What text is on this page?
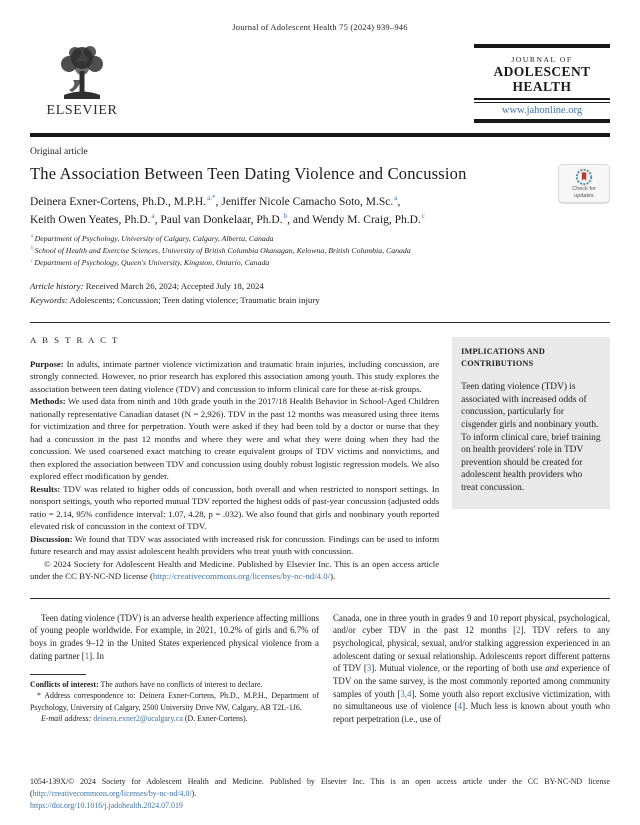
Journal of Adolescent Health 75 (2024) 939–946
ELSEVIER
JOURNAL OF
ADOLESCENT
HEALTH
www.jahonline.org
Original article
The Association Between Teen Dating Violence and Concussion
Check for
updates
Deinera Exner-Cortens, Ph.D., M.P.H.$^{a,*}$, Jeniffer Nicole Camacho Soto, M.Sc.$^a$,
Keith Owen Yeates, Ph.D.$^a$, Paul van Donkelaar, Ph.D.$^b$, and Wendy M. Craig, Ph.D.$^c$
$^a$ Department of Psychology, University of Calgary, Calgary, Alberta, Canada
$^b$ School of Health and Exercise Sciences, University of British Columbia Okanagan, Kelowna, British Columbia, Canada
$^c$ Department of Psychology, Queen's University, Kingston, Ontario, Canada
Article history: Received March 26, 2024; Accepted July 18, 2024
Keywords: Adolescents; Concussion; Teen dating violence; Traumatic brain injury
A B S T R A C T

Purpose: In adults, intimate partner violence victimization and traumatic brain injuries, including concussion, are strongly connected. However, no prior research has explored this association among youth. This study explores the association between teen dating violence (TDV) and concussion to inform clinical care for these at-risk groups.

Methods: We used data from ninth and 10th grade youth in the 2017/18 Health Behavior in School-Aged Children nationally representative Canadian dataset (N = 2,926). TDV in the past 12 months was measured using three items for victimization and three for perpetration. Youth were asked if they had been told by a doctor or nurse that they had a concussion in the past 12 months and where they were and what they were doing when they had the concussion. We used coarsened exact matching to create equivalent groups of TDV victims and nonvictims, and then explored the association between TDV and concussion using doubly robust logistic regression models. We also explored effect modification by gender.

Results: TDV was related to higher odds of concussion, both overall and when restricted to nonsport settings. In nonsport settings, youth who reported mutual TDV reported the highest odds of past-year concussion (adjusted odds ratio = 2.14, 95% confidence interval: 1.07, 4.28, p = .032). We also found that girls and nonbinary youth reported elevated risk of concussion in the context of TDV.

Discussion: We found that TDV was associated with increased risk for concussion. Findings can be used to inform future research and may assist adolescent health providers who treat youth with concussion.

© 2024 Society for Adolescent Health and Medicine. Published by Elsevier Inc. This is an open access article under the CC BY-NC-ND license (http://creativecommons.org/licenses/by-nc-nd/4.0/).

IMPLICATIONS AND CONTRIBUTIONS

Teen dating violence (TDV) is associated with increased odds of concussion, particularly for cisgender girls and nonbinary youth. To inform clinical care, brief training on health providers' role in TDV prevention should be created for adolescent health providers who treat concussion.

Teen dating violence (TDV) is an adverse health experience affecting millions of young people worldwide. For example, in 2021, 10.2% of girls and 6.7% of boys in grades 9–12 in the United States experienced physical violence from a dating partner [1]. In

Conflicts of interest: The authors have no conflicts of interest to declare.

* Address correspondence to: Deinera Exner-Cortens, Ph.D., M.P.H., Department of Psychology, University of Calgary, 2500 University Drive NW, Calgary, AB T2L-1J6.

E-mail address: deinera.exner2@ucalgary.ca (D. Exner-Cortens).

Canada, one in three youth in grades 9 and 10 report physical, psychological, and/or cyber TDV in the past 12 months [2]. TDV refers to any psychological, physical, sexual, and/or stalking aggression experienced in an adolescent dating or sexual relationship. Adolescents report different patterns of TDV [3]. Mutual violence, or the reporting of both use and experience of TDV on the same survey, is the most commonly reported among community samples of youth [3,4]. Some youth also report exclusive victimization, with no simultaneous use of violence [4]. Much less is known about youth who report perpetration (i.e., use of

1054-139X/© 2024 Society for Adolescent Health and Medicine. Published by Elsevier Inc. This is an open access article under the CC BY-NC-ND license (http://creativecommons.org/licenses/by-nc-nd/4.0/).

https://doi.org/10.1016/j.jadohealth.2024.07.019
